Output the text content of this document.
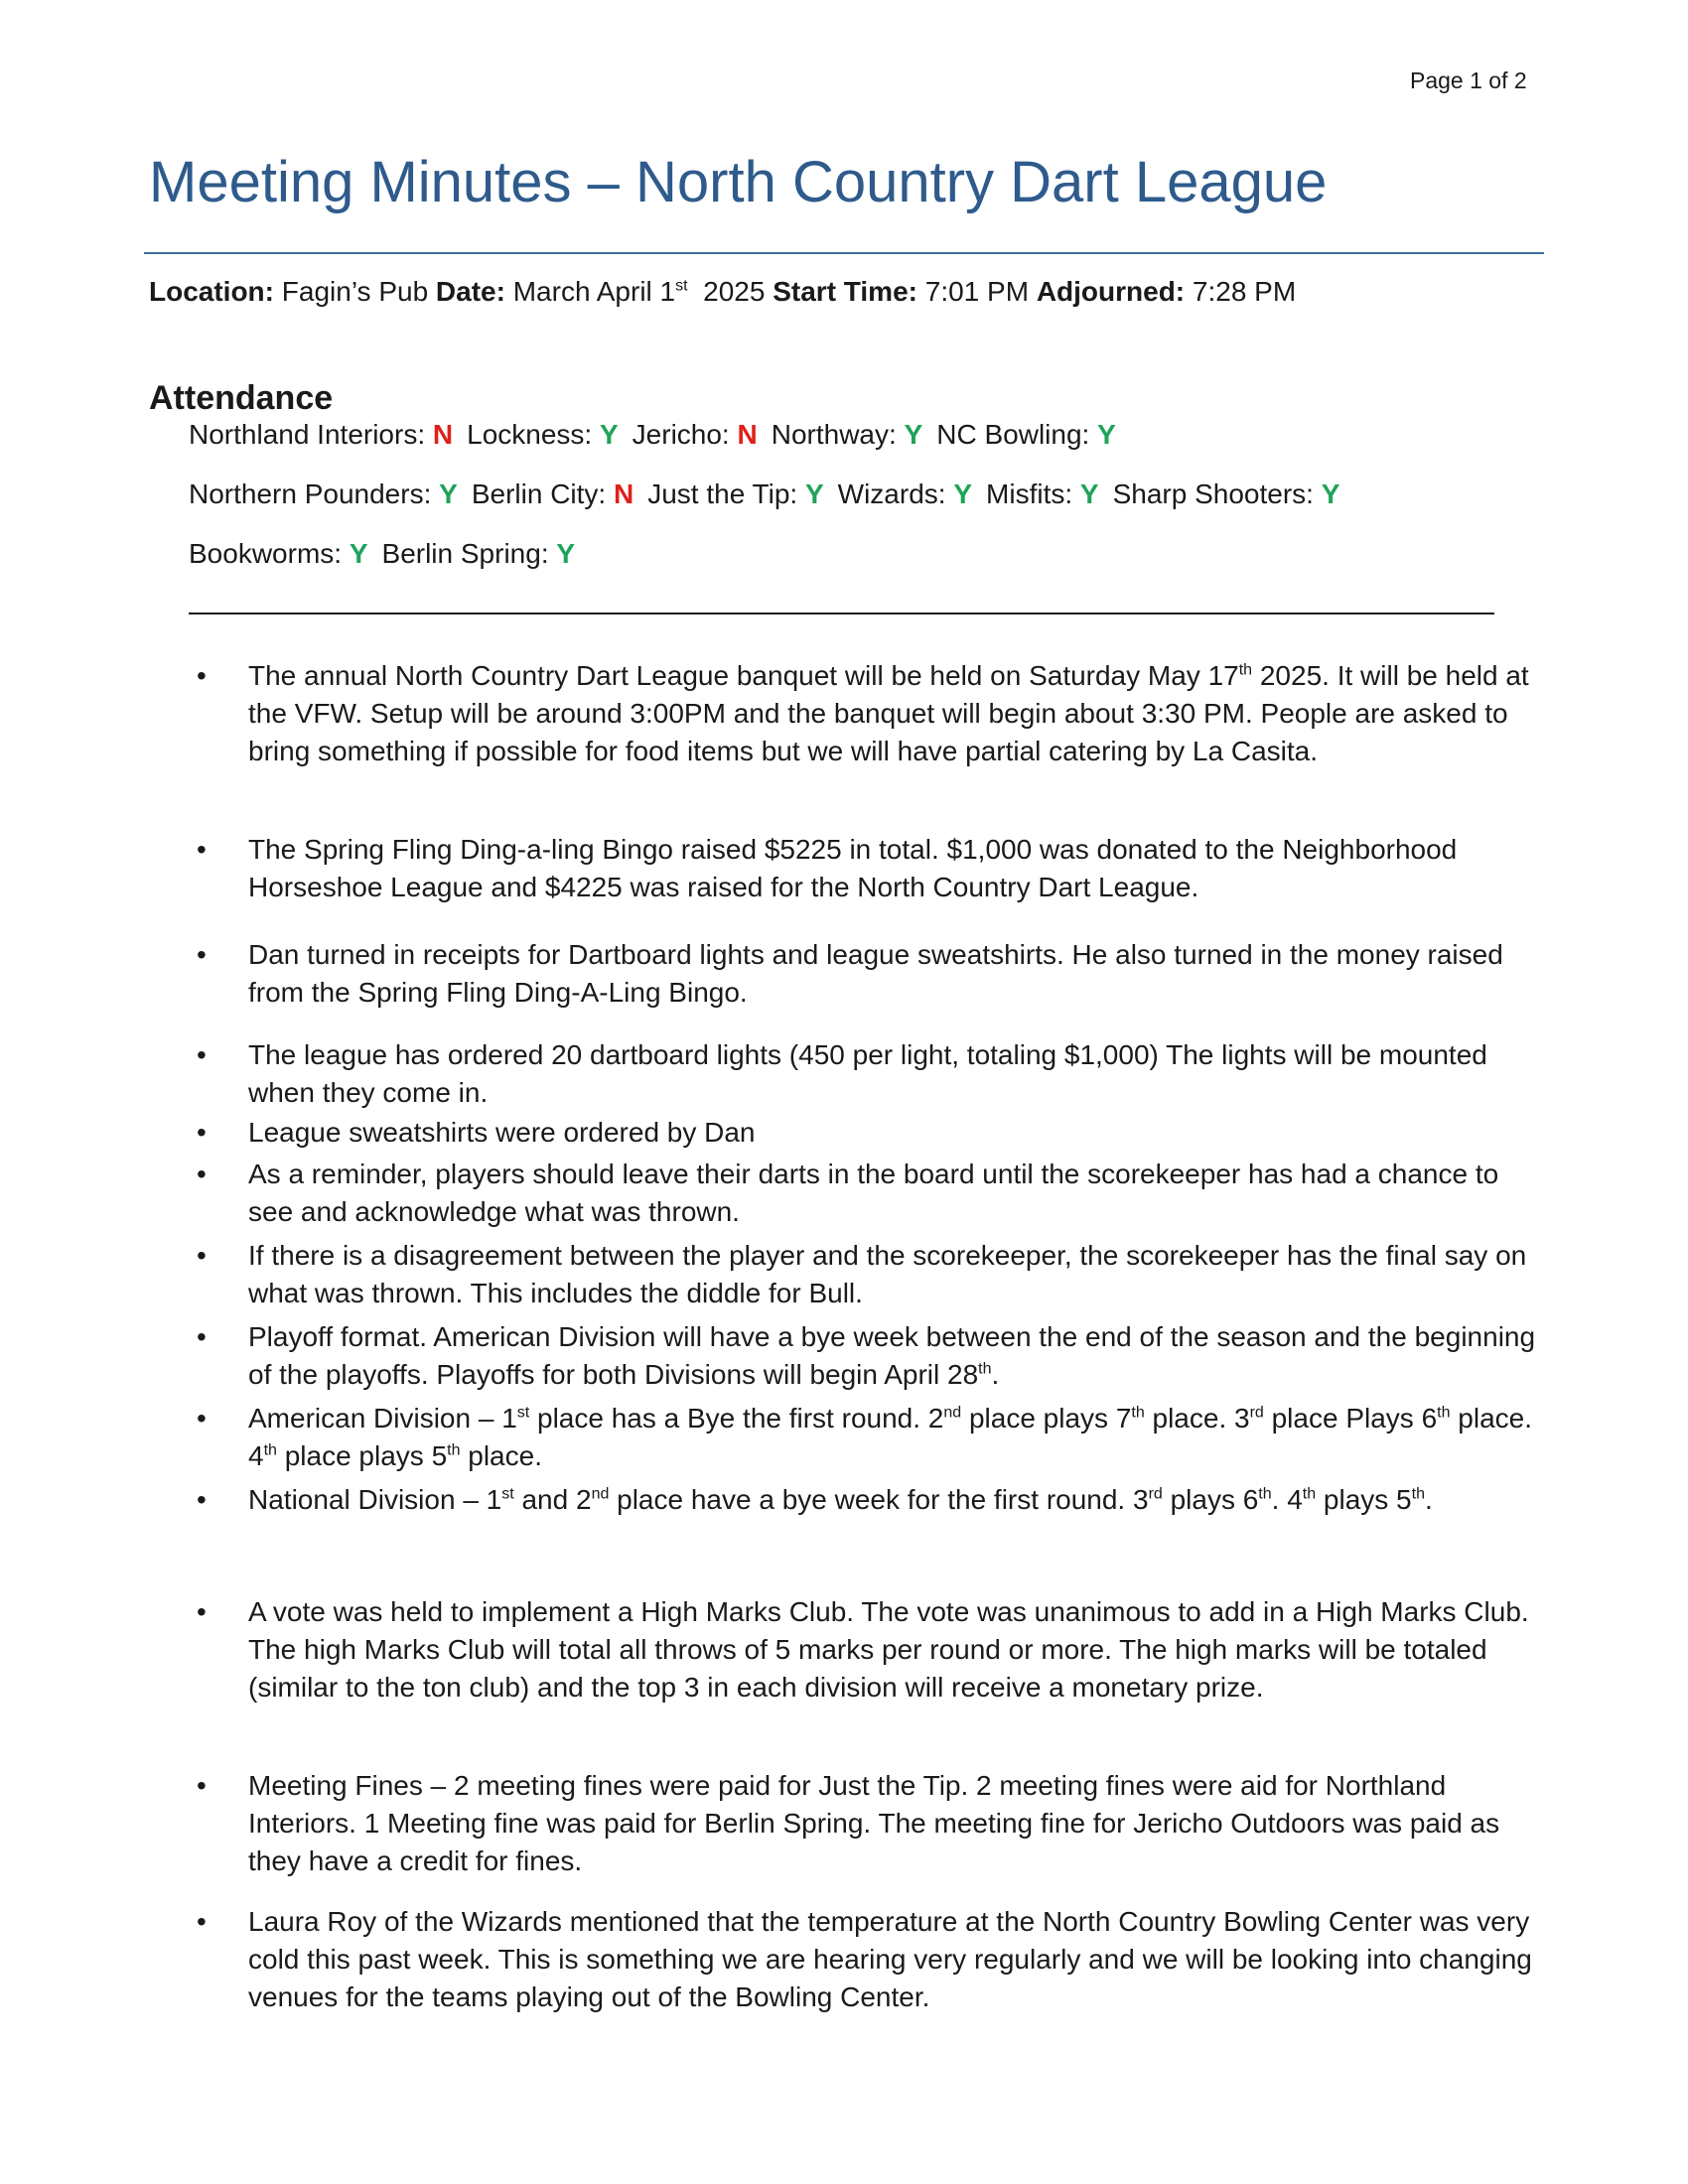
Page 1 of 2
Meeting Minutes – North Country Dart League
Location: Fagin’s Pub Date: March April 1st 2025 Start Time: 7:01 PM Adjourned: 7:28 PM
Attendance
Northland Interiors: N Lockness: Y Jericho: N Northway: Y NC Bowling: Y
Northern Pounders: Y Berlin City: N Just the Tip: Y Wizards: Y Misfits: Y Sharp Shooters: Y
Bookworms: Y Berlin Spring: Y
• The annual North Country Dart League banquet will be held on Saturday May 17th 2025. It will be held at the VFW. Setup will be around 3:00PM and the banquet will begin about 3:30 PM. People are asked to bring something if possible for food items but we will have partial catering by La Casita.
• The Spring Fling Ding-a-ling Bingo raised $5225 in total. $1,000 was donated to the Neighborhood Horseshoe League and $4225 was raised for the North Country Dart League.
• Dan turned in receipts for Dartboard lights and league sweatshirts. He also turned in the money raised from the Spring Fling Ding-A-Ling Bingo.
• The league has ordered 20 dartboard lights (450 per light, totaling $1,000) The lights will be mounted when they come in.
• League sweatshirts were ordered by Dan
• As a reminder, players should leave their darts in the board until the scorekeeper has had a chance to see and acknowledge what was thrown.
• If there is a disagreement between the player and the scorekeeper, the scorekeeper has the final say on what was thrown. This includes the diddle for Bull.
• Playoff format. American Division will have a bye week between the end of the season and the beginning of the playoffs. Playoffs for both Divisions will begin April 28th.
• American Division – 1st place has a Bye the first round. 2nd place plays 7th place. 3rd place Plays 6th place. 4th place plays 5th place.
• National Division – 1st and 2nd place have a bye week for the first round. 3rd plays 6th. 4th plays 5th.
• A vote was held to implement a High Marks Club. The vote was unanimous to add in a High Marks Club. The high Marks Club will total all throws of 5 marks per round or more. The high marks will be totaled (similar to the ton club) and the top 3 in each division will receive a monetary prize.
• Meeting Fines – 2 meeting fines were paid for Just the Tip. 2 meeting fines were aid for Northland Interiors. 1 Meeting fine was paid for Berlin Spring. The meeting fine for Jericho Outdoors was paid as they have a credit for fines.
• Laura Roy of the Wizards mentioned that the temperature at the North Country Bowling Center was very cold this past week. This is something we are hearing very regularly and we will be looking into changing venues for the teams playing out of the Bowling Center.
